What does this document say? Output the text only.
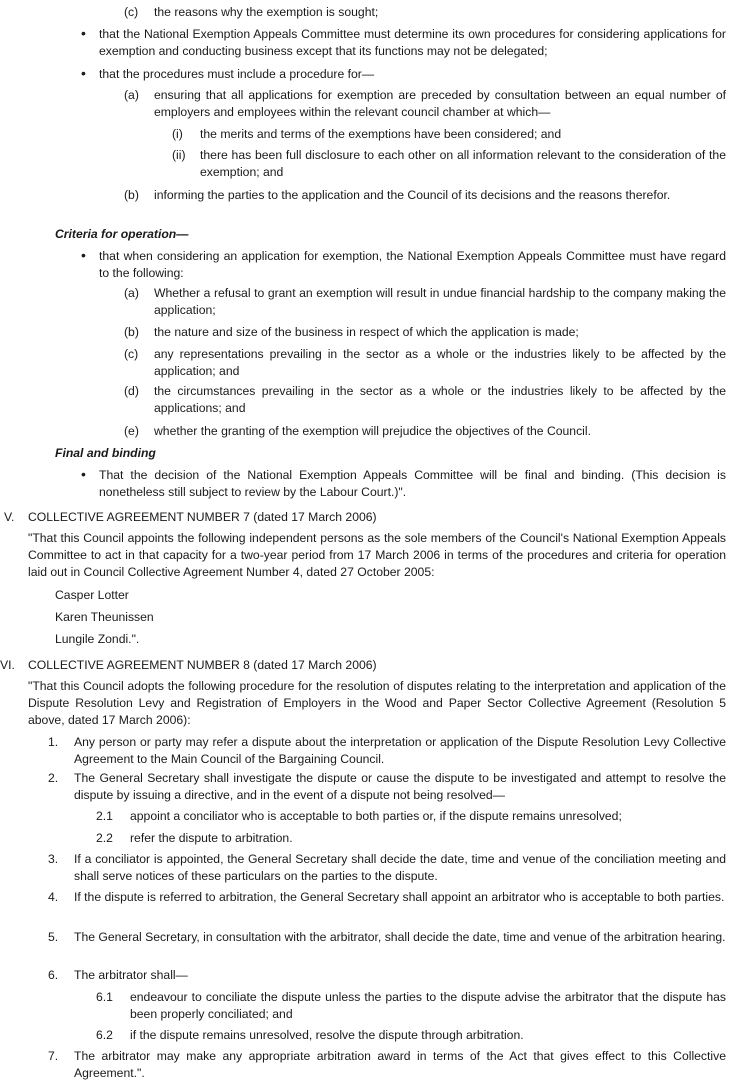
(c)	the reasons why the exemption is sought;
• that the National Exemption Appeals Committee must determine its own procedures for considering applications for exemption and conducting business except that its functions may not be delegated;
• that the procedures must include a procedure for—
(a)	ensuring that all applications for exemption are preceded by consultation between an equal number of employers and employees within the relevant council chamber at which—
(i)	the merits and terms of the exemptions have been considered; and
(ii)	there has been full disclosure to each other on all information relevant to the consideration of the exemption; and
(b)	informing the parties to the application and the Council of its decisions and the reasons therefor.
Criteria for operation—
• that when considering an application for exemption, the National Exemption Appeals Committee must have regard to the following:
(a)	Whether a refusal to grant an exemption will result in undue financial hardship to the company making the application;
(b)	the nature and size of the business in respect of which the application is made;
(c)	any representations prevailing in the sector as a whole or the industries likely to be affected by the application; and
(d)	the circumstances prevailing in the sector as a whole or the industries likely to be affected by the applications; and
(e)	whether the granting of the exemption will prejudice the objectives of the Council.
Final and binding
• That the decision of the National Exemption Appeals Committee will be final and binding. (This decision is nonetheless still subject to review by the Labour Court.)".
V.	COLLECTIVE AGREEMENT NUMBER 7 (dated 17 March 2006)
"That this Council appoints the following independent persons as the sole members of the Council's National Exemption Appeals Committee to act in that capacity for a two-year period from 17 March 2006 in terms of the procedures and criteria for operation laid out in Council Collective Agreement Number 4, dated 27 October 2005:
Casper Lotter
Karen Theunissen
Lungile Zondi.".
VI.	COLLECTIVE AGREEMENT NUMBER 8 (dated 17 March 2006)
"That this Council adopts the following procedure for the resolution of disputes relating to the interpretation and application of the Dispute Resolution Levy and Registration of Employers in the Wood and Paper Sector Collective Agreement (Resolution 5 above, dated 17 March 2006):
1.	Any person or party may refer a dispute about the interpretation or application of the Dispute Resolution Levy Collective Agreement to the Main Council of the Bargaining Council.
2.	The General Secretary shall investigate the dispute or cause the dispute to be investigated and attempt to resolve the dispute by issuing a directive, and in the event of a dispute not being resolved—
2.1	appoint a conciliator who is acceptable to both parties or, if the dispute remains unresolved;
2.2	refer the dispute to arbitration.
3.	If a conciliator is appointed, the General Secretary shall decide the date, time and venue of the conciliation meeting and shall serve notices of these particulars on the parties to the dispute.
4.	If the dispute is referred to arbitration, the General Secretary shall appoint an arbitrator who is acceptable to both parties.
5.	The General Secretary, in consultation with the arbitrator, shall decide the date, time and venue of the arbitration hearing.
6.	The arbitrator shall—
6.1	endeavour to conciliate the dispute unless the parties to the dispute advise the arbitrator that the dispute has been properly conciliated; and
6.2	if the dispute remains unresolved, resolve the dispute through arbitration.
7.	The arbitrator may make any appropriate arbitration award in terms of the Act that gives effect to this Collective Agreement.".
